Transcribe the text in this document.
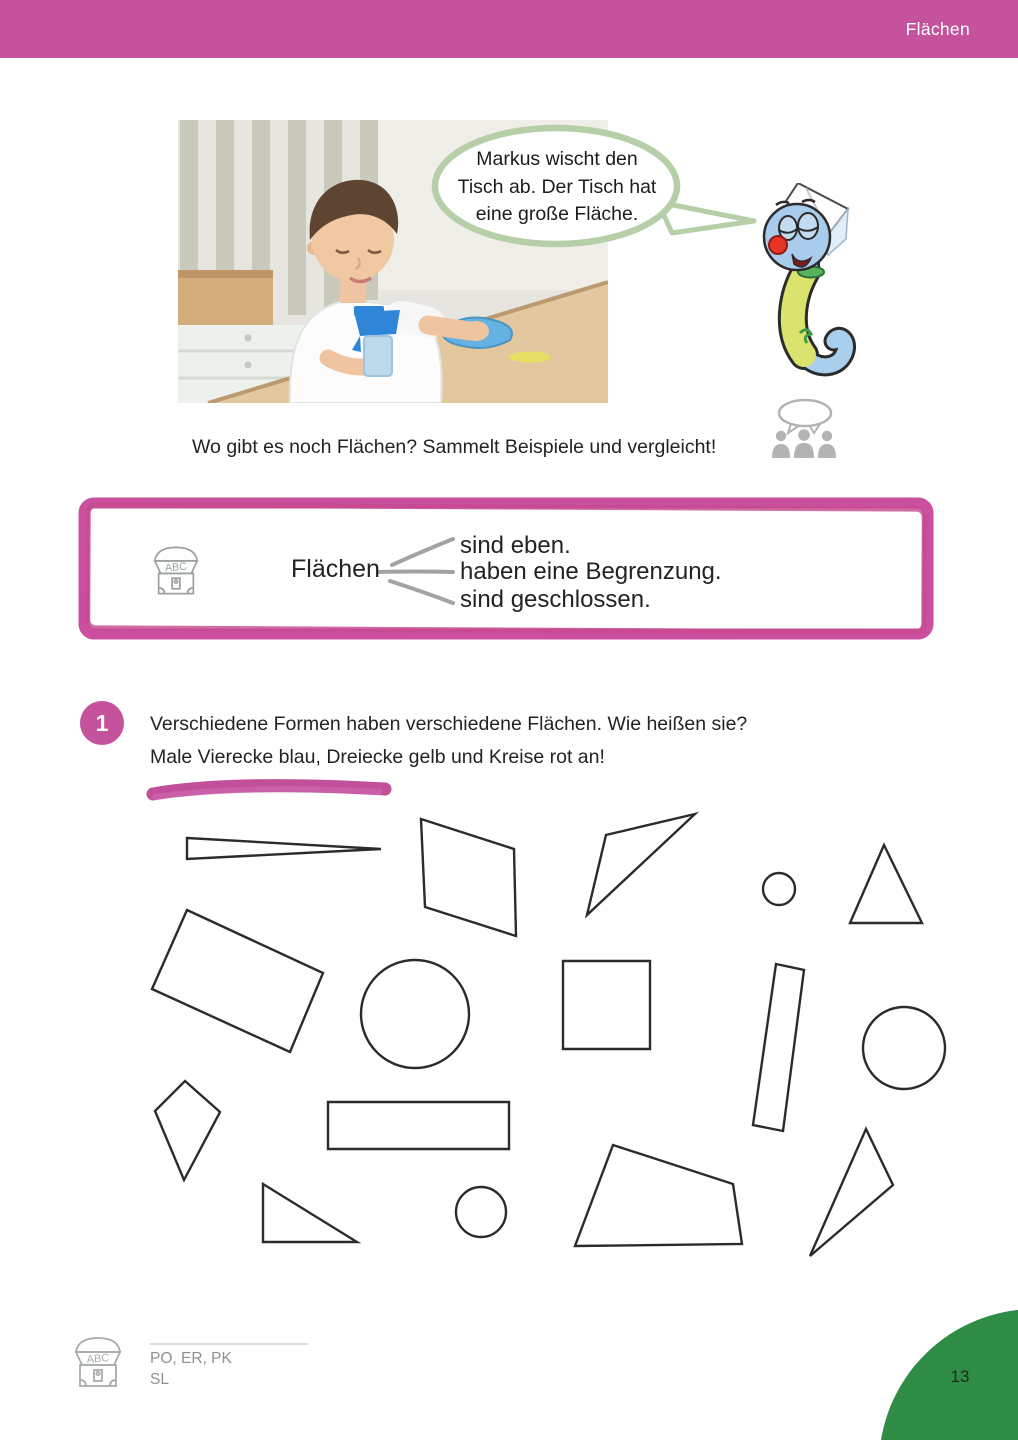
Flächen
Markus wischt den
Tisch ab. Der Tisch hat
eine große Fläche.
Wo gibt es noch Flächen? Sammelt Beispiele und vergleicht!
ABC	Flächen
sind eben.
haben eine Begrenzung.
sind geschlossen.
1	Verschiedene Formen haben verschiedene Flächen. Wie heißen sie?
Male Vierecke blau, Dreiecke gelb und Kreise rot an!
ABC	PO, ER, PK
SL	13
